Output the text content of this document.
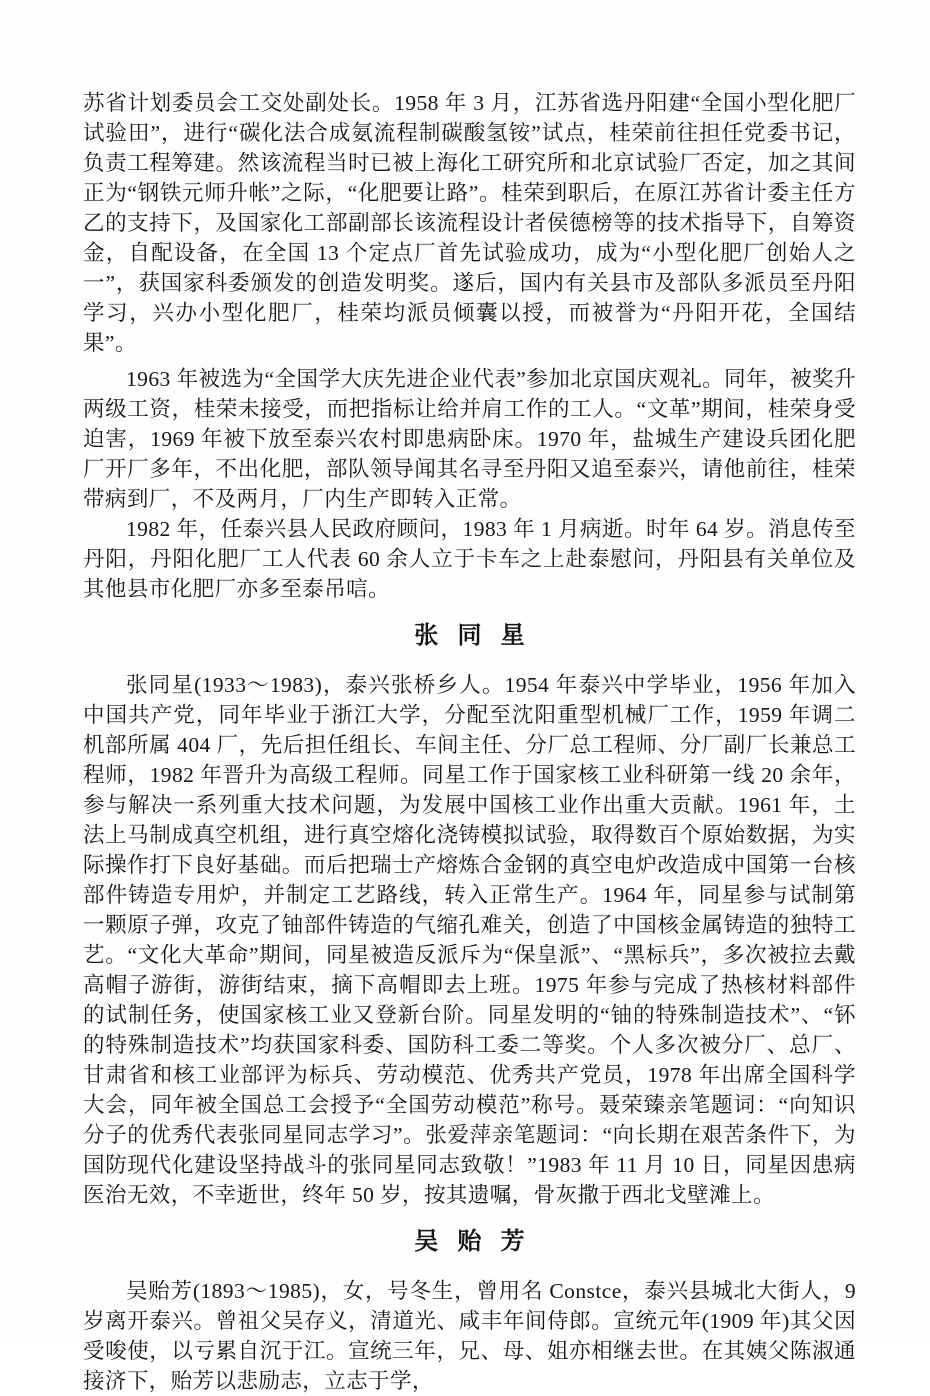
苏省计划委员会工交处副处长。1958 年 3 月，江苏省选丹阳建“全国小型化肥厂试验田”，进行“碳化法合成氨流程制碳酸氢铵”试点，桂荣前往担任党委书记，负责工程筹建。然该流程当时已被上海化工研究所和北京试验厂否定，加之其间正为“钢铁元师升帐”之际，“化肥要让路”。桂荣到职后，在原江苏省计委主任方乙的支持下，及国家化工部副部长该流程设计者侯德榜等的技术指导下，自筹资金，自配设备，在全国 13 个定点厂首先试验成功，成为“小型化肥厂创始人之一”，获国家科委颁发的创造发明奖。遂后，国内有关县市及部队多派员至丹阳学习，兴办小型化肥厂，桂荣均派员倾囊以授，而被誉为“丹阳开花，全国结果”。

1963 年被选为“全国学大庆先进企业代表”参加北京国庆观礼。同年，被奖升两级工资，桂荣未接受，而把指标让给并肩工作的工人。“文革”期间，桂荣身受迫害，1969 年被下放至泰兴农村即患病卧床。1970 年，盐城生产建设兵团化肥厂开厂多年，不出化肥，部队领导闻其名寻至丹阳又追至泰兴，请他前往，桂荣带病到厂，不及两月，厂内生产即转入正常。

1982 年，任泰兴县人民政府顾问，1983 年 1 月病逝。时年 64 岁。消息传至丹阳，丹阳化肥厂工人代表 60 余人立于卡车之上赴泰慰问，丹阳县有关单位及其他县市化肥厂亦多至泰吊唁。

张同星

张同星(1933～1983)，泰兴张桥乡人。1954 年泰兴中学毕业，1956 年加入中国共产党，同年毕业于浙江大学，分配至沈阳重型机械厂工作，1959 年调二机部所属 404 厂，先后担任组长、车间主任、分厂总工程师、分厂副厂长兼总工程师，1982 年晋升为高级工程师。同星工作于国家核工业科研第一线 20 余年，参与解决一系列重大技术问题，为发展中国核工业作出重大贡献。1961 年，土法上马制成真空机组，进行真空熔化浇铸模拟试验，取得数百个原始数据，为实际操作打下良好基础。而后把瑞士产熔炼合金钢的真空电炉改造成中国第一台核部件铸造专用炉，并制定工艺路线，转入正常生产。1964 年，同星参与试制第一颗原子弹，攻克了铀部件铸造的气缩孔难关，创造了中国核金属铸造的独特工艺。“文化大革命”期间，同星被造反派斥为“保皇派”、“黑标兵”，多次被拉去戴高帽子游街，游街结束，摘下高帽即去上班。1975 年参与完成了热核材料部件的试制任务，使国家核工业又登新台阶。同星发明的“铀的特殊制造技术”、“钚的特殊制造技术”均获国家科委、国防科工委二等奖。个人多次被分厂、总厂、甘肃省和核工业部评为标兵、劳动模范、优秀共产党员，1978 年出席全国科学大会，同年被全国总工会授予“全国劳动模范”称号。聂荣臻亲笔题词：“向知识分子的优秀代表张同星同志学习”。张爱萍亲笔题词：“向长期在艰苦条件下，为国防现代化建设坚持战斗的张同星同志致敬！”1983 年 11 月 10 日，同星因患病医治无效，不幸逝世，终年 50 岁，按其遗嘱，骨灰撒于西北戈壁滩上。

吴贻芳

吴贻芳(1893～1985)，女，号冬生，曾用名 Constce，泰兴县城北大街人，9 岁离开泰兴。曾祖父吴存义，清道光、咸丰年间侍郎。宣统元年(1909 年)其父因受唆使，以亏累自沉于江。宣统三年，兄、母、姐亦相继去世。在其姨父陈淑通接济下，贻芳以悲励志，立志于学，
